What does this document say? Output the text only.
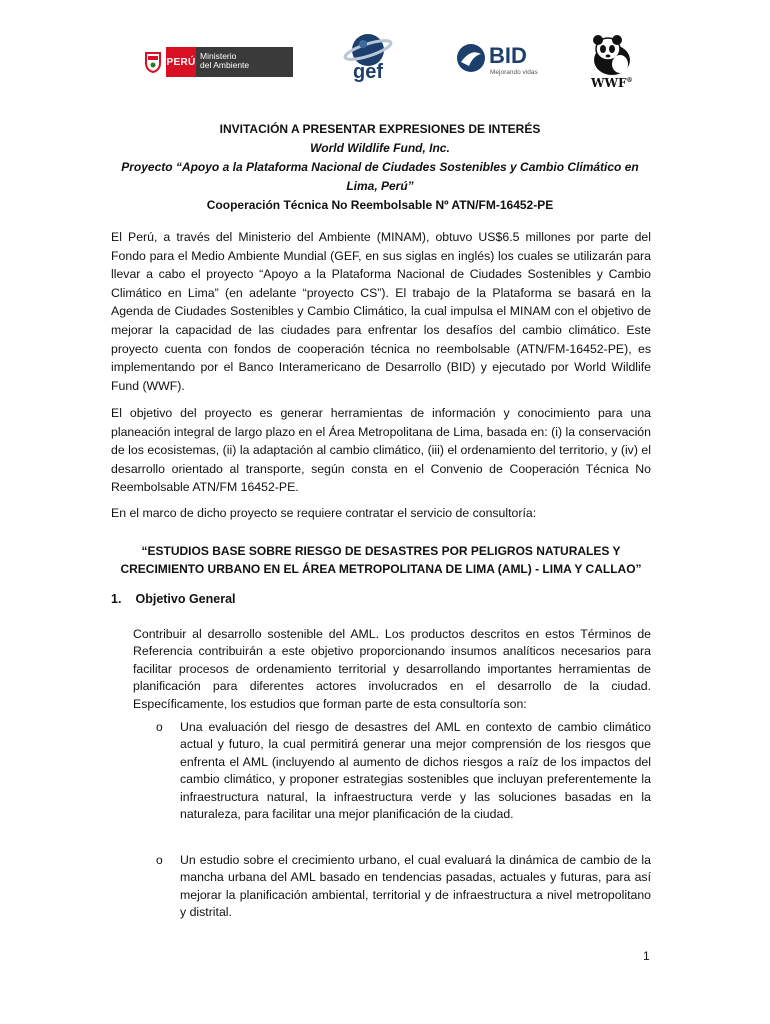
PERÚ
Ministerio
del Ambiente	gef
BID
Mejorando vidas
WWF®
INVITACIÓN A PRESENTAR EXPRESIONES DE INTERÉS
World Wildlife Fund, Inc.
Proyecto “Apoyo a la Plataforma Nacional de Ciudades Sostenibles y Cambio Climático en Lima, Perú”
Cooperación Técnica No Reembolsable Nº ATN/FM-16452-PE
El Perú, a través del Ministerio del Ambiente (MINAM), obtuvo US$6.5 millones por parte del Fondo para el Medio Ambiente Mundial (GEF, en sus siglas en inglés) los cuales se utilizarán para llevar a cabo el proyecto “Apoyo a la Plataforma Nacional de Ciudades Sostenibles y Cambio Climático en Lima” (en adelante “proyecto CS”). El trabajo de la Plataforma se basará en la Agenda de Ciudades Sostenibles y Cambio Climático, la cual impulsa el MINAM con el objetivo de mejorar la capacidad de las ciudades para enfrentar los desafíos del cambio climático. Este proyecto cuenta con fondos de cooperación técnica no reembolsable (ATN/FM-16452-PE), es implementando por el Banco Interamericano de Desarrollo (BID) y ejecutado por World Wildlife Fund (WWF).
El objetivo del proyecto es generar herramientas de información y conocimiento para una planeación integral de largo plazo en el Área Metropolitana de Lima, basada en: (i) la conservación de los ecosistemas, (ii) la adaptación al cambio climático, (iii) el ordenamiento del territorio, y (iv) el desarrollo orientado al transporte, según consta en el Convenio de Cooperación Técnica No Reembolsable ATN/FM 16452-PE.
En el marco de dicho proyecto se requiere contratar el servicio de consultoría:
“ESTUDIOS BASE SOBRE RIESGO DE DESASTRES POR PELIGROS NATURALES Y CRECIMIENTO URBANO EN EL ÁREA METROPOLITANA DE LIMA (AML) - LIMA Y CALLAO”
1. Objetivo General
Contribuir al desarrollo sostenible del AML. Los productos descritos en estos Términos de Referencia contribuirán a este objetivo proporcionando insumos analíticos necesarios para facilitar procesos de ordenamiento territorial y desarrollando importantes herramientas de planificación para diferentes actores involucrados en el desarrollo de la ciudad. Específicamente, los estudios que forman parte de esta consultoría son:
o	Una evaluación del riesgo de desastres del AML en contexto de cambio climático actual y futuro, la cual permitirá generar una mejor comprensión de los riesgos que enfrenta el AML (incluyendo al aumento de dichos riesgos a raíz de los impactos del cambio climático, y proponer estrategias sostenibles que incluyan preferentemente la infraestructura natural, la infraestructura verde y las soluciones basadas en la naturaleza, para facilitar una mejor planificación de la ciudad.
o	Un estudio sobre el crecimiento urbano, el cual evaluará la dinámica de cambio de la mancha urbana del AML basado en tendencias pasadas, actuales y futuras, para así mejorar la planificación ambiental, territorial y de infraestructura a nivel metropolitano y distrital.
1
